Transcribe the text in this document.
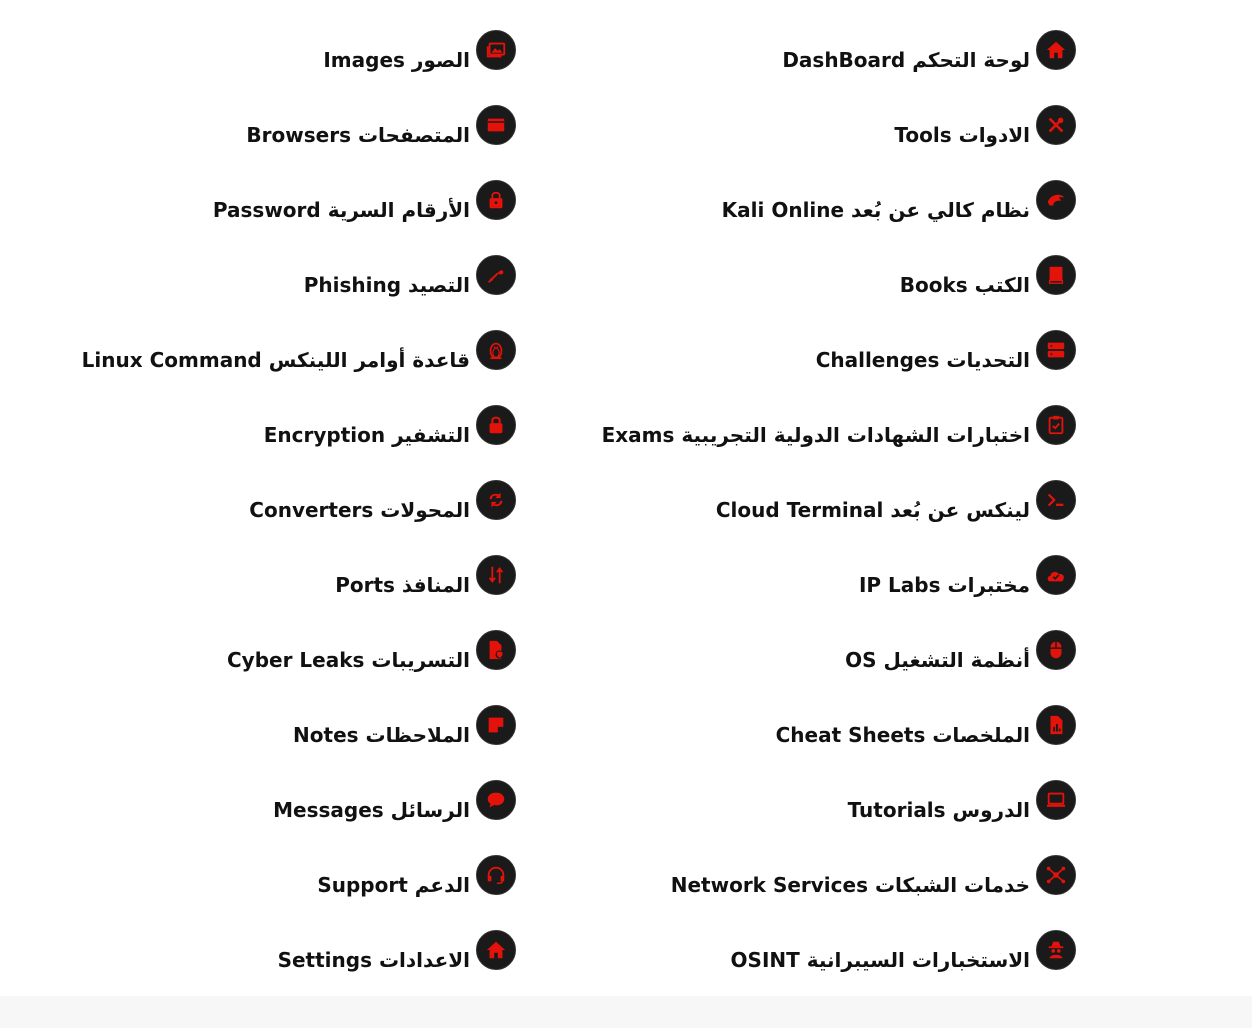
DashBoard لوحة التحكم
Tools الادوات
Kali Online نظام كالي عن بُعد
Books الكتب
Challenges التحديات
Exams اختبارات الشهادات الدولية التجريبية
Cloud Terminal لينكس عن بُعد
IP Labs مختبرات
OS أنظمة التشغيل
Cheat Sheets الملخصات
Tutorials الدروس
Network Services خدمات الشبكات
OSINT الاستخبارات السيبرانية
Images الصور
Browsers المتصفحات
Password الأرقام السرية
Phishing التصيد
Linux Command قاعدة أوامر اللينكس
Encryption التشفير
Converters المحولات
Ports المنافذ
Cyber Leaks التسريبات
Notes الملاحظات
Messages الرسائل
Support الدعم
Settings الاعدادات
